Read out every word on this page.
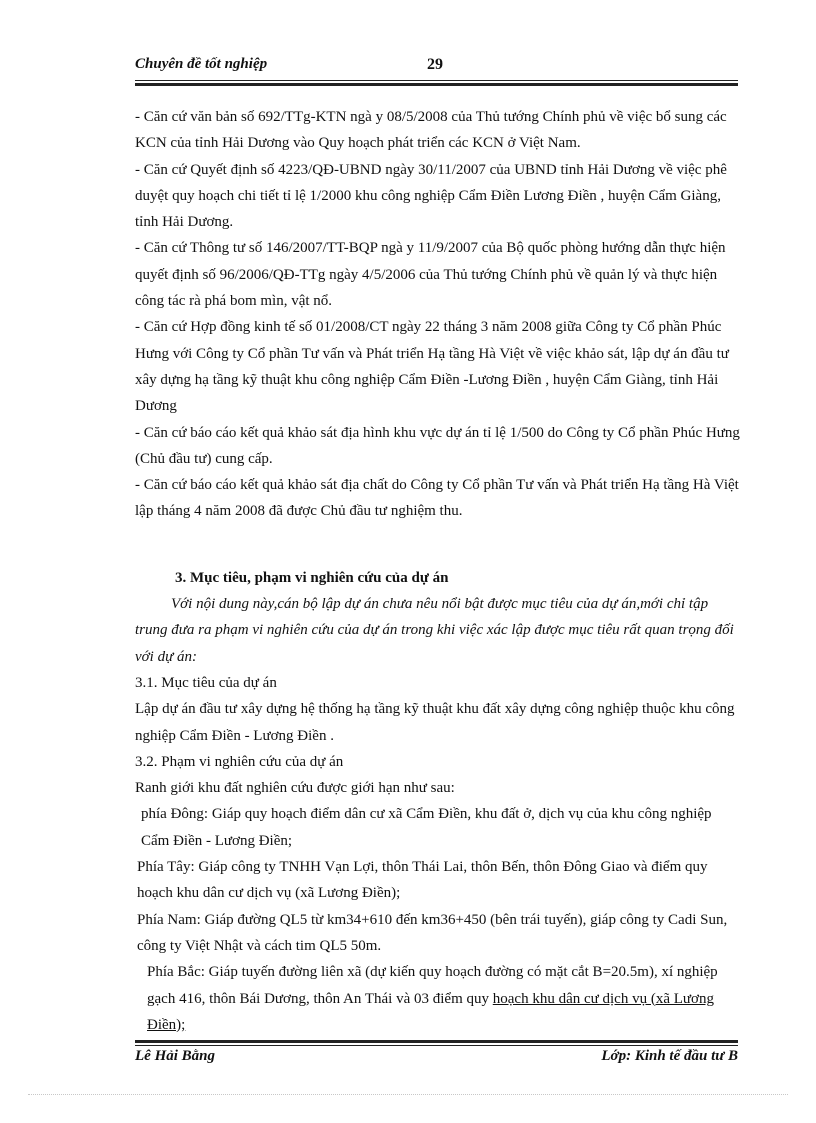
Chuyên đề tốt nghiệp	29

- Căn cứ văn bản số 692/TTg-KTN ngà y 08/5/2008 của Thủ tướng Chính phủ về việc bổ sung các KCN của tỉnh Hải Dương vào Quy hoạch phát triển các KCN ở Việt Nam.

- Căn cứ Quyết định số 4223/QĐ-UBND ngày 30/11/2007 của UBND tỉnh Hải Dương về việc phê duyệt quy hoạch chi tiết tỉ lệ 1/2000 khu công nghiệp Cẩm Điền Lương Điền , huyện Cẩm Giàng, tỉnh Hải Dương.

- Căn cứ Thông tư số 146/2007/TT-BQP ngà y 11/9/2007 của Bộ quốc phòng hướng dẫn thực hiện quyết định số 96/2006/QĐ-TTg ngày 4/5/2006 của Thủ tướng Chính phủ về quản lý và thực hiện công tác rà phá bom mìn, vật nổ.

- Căn cứ Hợp đồng kinh tế số 01/2008/CT ngày 22 tháng 3 năm 2008 giữa Công ty Cổ phần Phúc Hưng với Công ty Cổ phần Tư vấn và Phát triển Hạ tầng Hà Việt về việc khảo sát, lập dự án đầu tư xây dựng hạ tầng kỹ thuật khu công nghiệp Cẩm Điền -Lương Điền , huyện Cẩm Giàng, tỉnh Hải Dương

- Căn cứ báo cáo kết quả khảo sát địa hình khu vực dự án tỉ lệ 1/500 do Công ty Cổ phần Phúc Hưng (Chủ đầu tư) cung cấp.

- Căn cứ báo cáo kết quả khảo sát địa chất do Công ty Cổ phần Tư vấn và Phát triển Hạ tầng Hà Việt lập tháng 4 năm 2008 đã được Chủ đầu tư nghiệm thu.

3. Mục tiêu, phạm vi nghiên cứu của dự án

Với nội dung này,cán bộ lập dự án chưa nêu nổi bật được mục tiêu của dự án,mới chỉ tập trung đưa ra phạm vi nghiên cứu của dự án trong khi việc xác lập được mục tiêu rất quan trọng đối với dự án:

3.1. Mục tiêu của dự án

Lập dự án đầu tư xây dựng hệ thống hạ tầng kỹ thuật khu đất xây dựng công nghiệp thuộc khu công nghiệp Cẩm Điền - Lương Điền .

3.2. Phạm vi nghiên cứu của dự án

Ranh giới khu đất nghiên cứu được giới hạn như sau:

phía Đông: Giáp quy hoạch điểm dân cư xã Cẩm Điền, khu đất ở, dịch vụ của khu công nghiệp Cẩm Điền - Lương Điền;

Phía Tây: Giáp công ty TNHH Vạn Lợi, thôn Thái Lai, thôn Bến, thôn Đông Giao và điểm quy hoạch khu dân cư dịch vụ (xã Lương Điền);

Phía Nam: Giáp đường QL5 từ km34+610 đến km36+450 (bên trái tuyến), giáp công ty Cadi Sun, công ty Việt Nhật và cách tim QL5 50m.

Phía Bắc: Giáp tuyến đường liên xã (dự kiến quy hoạch đường có mặt cắt B=20.5m), xí nghiệp gạch 416, thôn Bái Dương, thôn An Thái và 03 điểm quy hoạch khu dân cư dịch vụ (xã Lương Điền);

Lê Hải Bằng	Lớp: Kinh tế đầu tư B
